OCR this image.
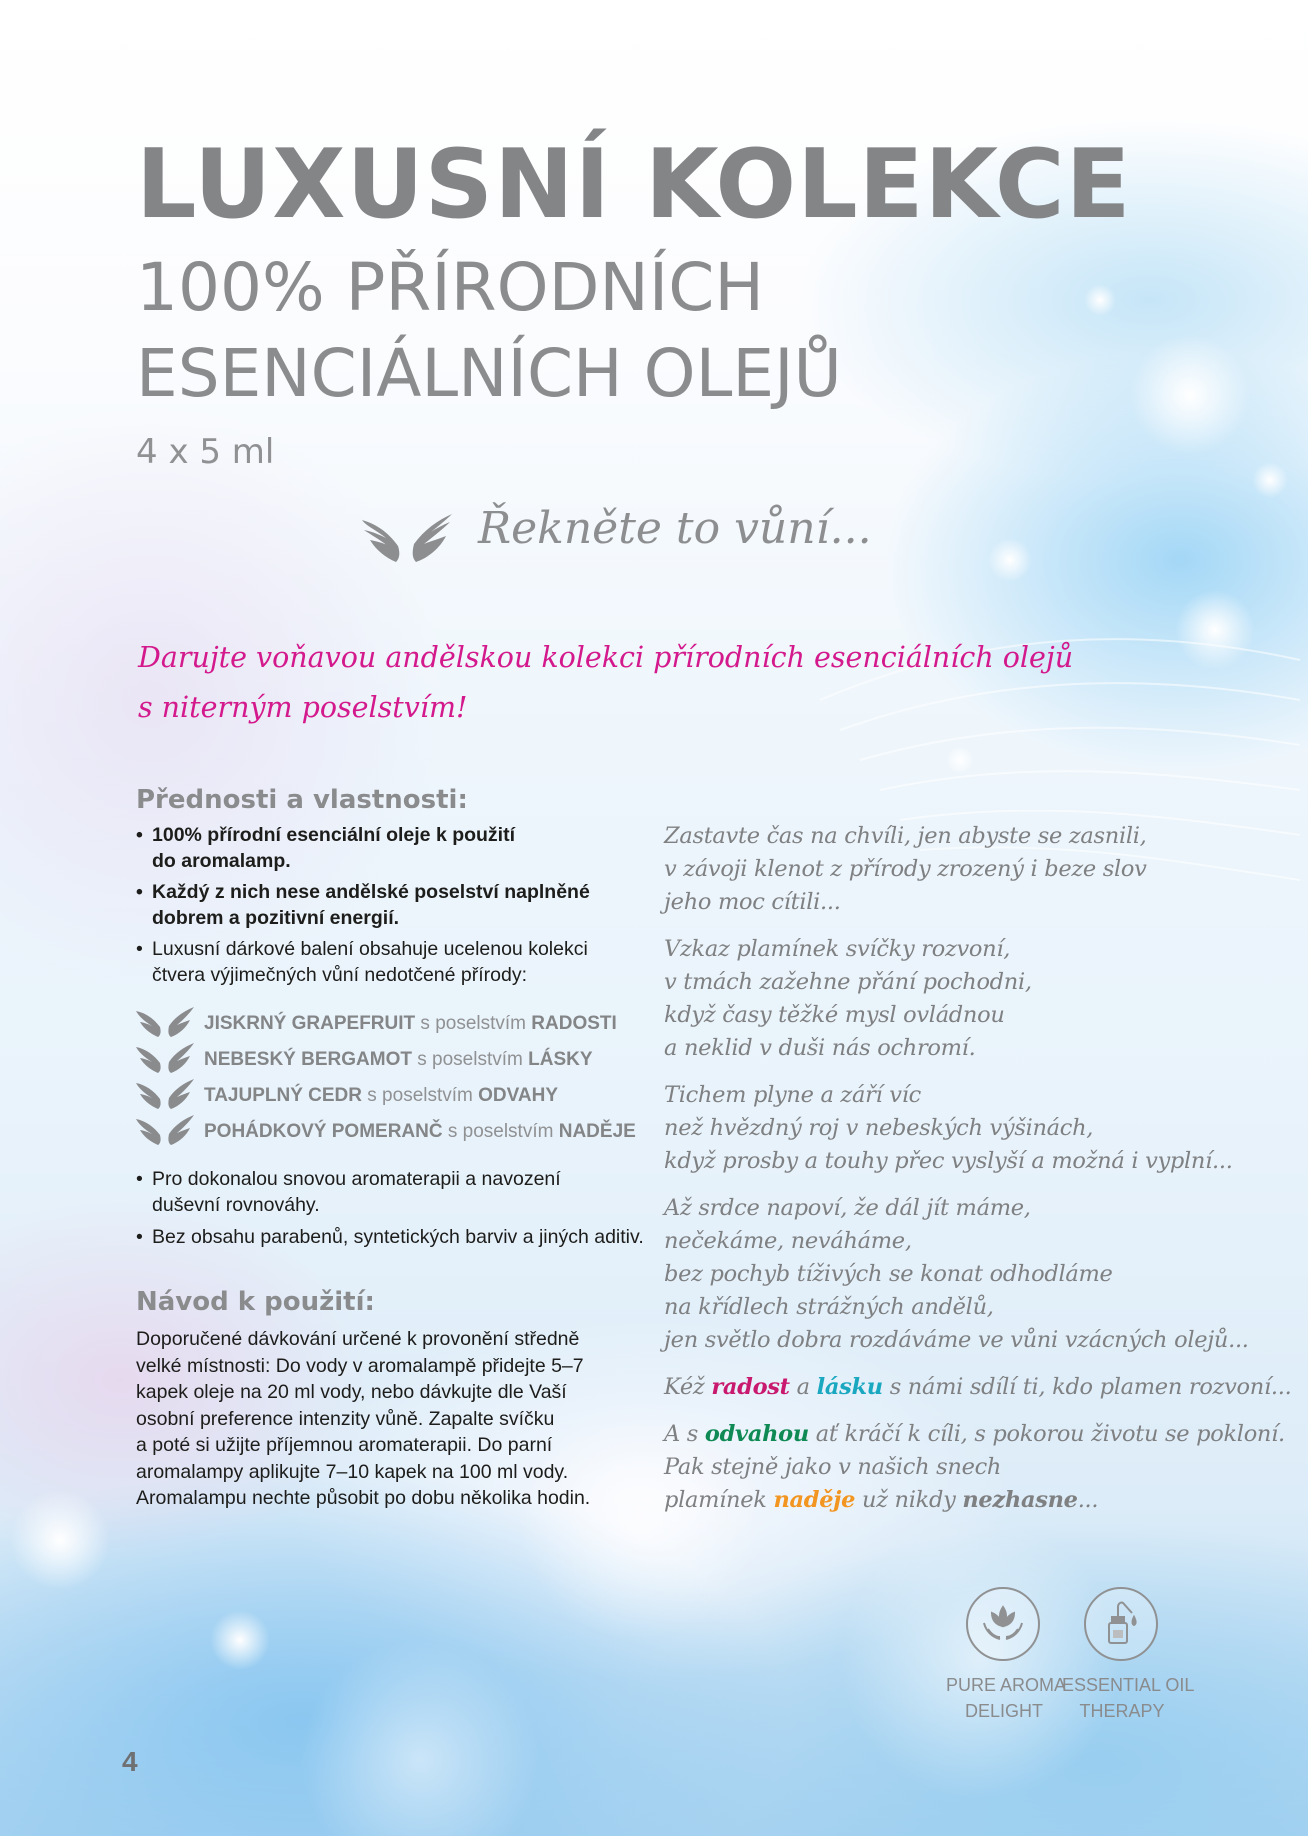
LUXUSNÍ KOLEKCE
100% PŘÍRODNÍCH
ESENCIÁLNÍCH OLEJŮ
4 x 5 ml
Řekněte to vůní...
Darujte voňavou andělskou kolekci přírodních esenciálních olejů
s niterným poselstvím!
Přednosti a vlastnosti:
• 100% přírodní esenciální oleje k použití
do aromalamp.
• Každý z nich nese andělské poselství naplněné
dobrem a pozitivní energií.
• Luxusní dárkové balení obsahuje ucelenou kolekci
čtvera výjimečných vůní nedotčené přírody:
JISKRNÝ GRAPEFRUIT s poselstvím RADOSTI
NEBESKÝ BERGAMOT s poselstvím LÁSKY
TAJUPLNÝ CEDR s poselstvím ODVAHY
POHÁDKOVÝ POMERANČ s poselstvím NADĚJE
• Pro dokonalou snovou aromaterapii a navození
duševní rovnováhy.
• Bez obsahu parabenů, syntetických barviv a jiných aditiv.
Návod k použití:
Doporučené dávkování určené k provonění středně
velké místnosti: Do vody v aromalampě přidejte 5–7
kapek oleje na 20 ml vody, nebo dávkujte dle Vaší
osobní preference intenzity vůně. Zapalte svíčku
a poté si užijte příjemnou aromaterapii. Do parní
aromalampy aplikujte 7–10 kapek na 100 ml vody.
Aromalampu nechte působit po dobu několika hodin.
Zastavte čas na chvíli, jen abyste se zasnili,
v závoji klenot z přírody zrozený i beze slov
jeho moc cítili...
Vzkaz plamínek svíčky rozvoní,
v tmách zažehne přání pochodni,
když časy těžké mysl ovládnou
a neklid v duši nás ochromí.
Tichem plyne a září víc
než hvězdný roj v nebeských výšinách,
když prosby a touhy přec vyslyší a možná i vyplní...
Až srdce napoví, že dál jít máme,
nečekáme, neváháme,
bez pochyb tíživých se konat odhodláme
na křídlech strážných andělů,
jen světlo dobra rozdáváme ve vůni vzácných olejů...
Kéž radost a lásku s námi sdílí ti, kdo plamen rozvoní...
A s odvahou ať kráčí k cíli, s pokorou životu se pokloní.
Pak stejně jako v našich snech
plamínek naděje už nikdy nezhasne...
PURE AROMA
DELIGHT
ESSENTIAL OIL
THERAPY
4
